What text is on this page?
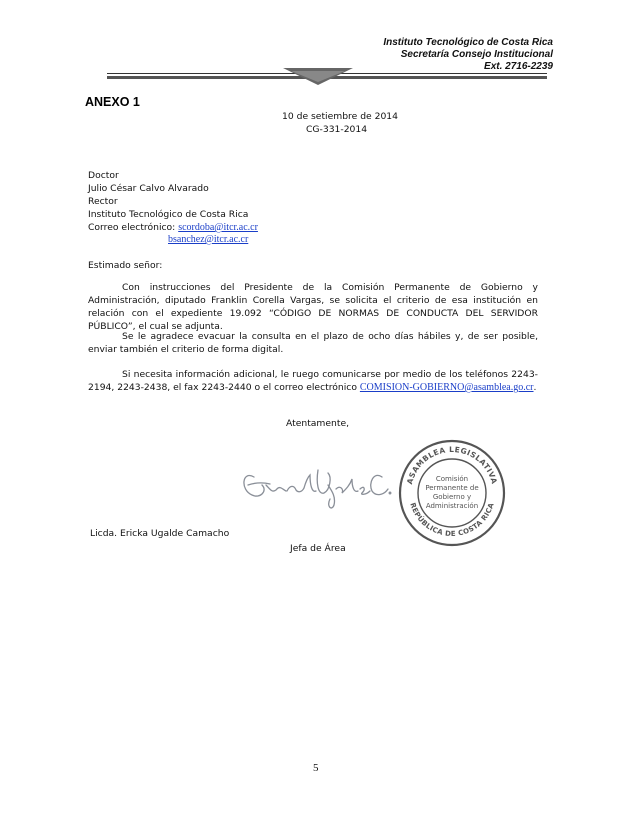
Instituto Tecnológico de Costa Rica
Secretaría Consejo Institucional
Ext. 2716-2239
ANEXO 1
10 de setiembre de 2014
CG-331-2014
Doctor
Julio César Calvo Alvarado
Rector
Instituto Tecnológico de Costa Rica
Correo electrónico: scordoba@itcr.ac.cr
bsanchez@itcr.ac.cr
Estimado señor:
Con instrucciones del Presidente de la Comisión Permanente de Gobierno y Administración, diputado Franklin Corella Vargas, se solicita el criterio de esa institución en relación con el expediente 19.092 “CÓDIGO DE NORMAS DE CONDUCTA DEL SERVIDOR PÚBLICO”, el cual se adjunta.
Se le agradece evacuar la consulta en el plazo de ocho días hábiles y, de ser posible, enviar también el criterio de forma digital.
Si necesita información adicional, le ruego comunicarse por medio de los teléfonos 2243-2194, 2243-2438, el fax 2243-2440 o el correo electrónico COMISION-GOBIERNO@asamblea.go.cr.
Atentamente,
ASAMBLEA LEGISLATIVA
REPÚBLICA DE COSTA RICA
Comisión
Permanente de
Gobierno y
Administración
Licda. Ericka Ugalde Camacho
Jefa de Área
5
